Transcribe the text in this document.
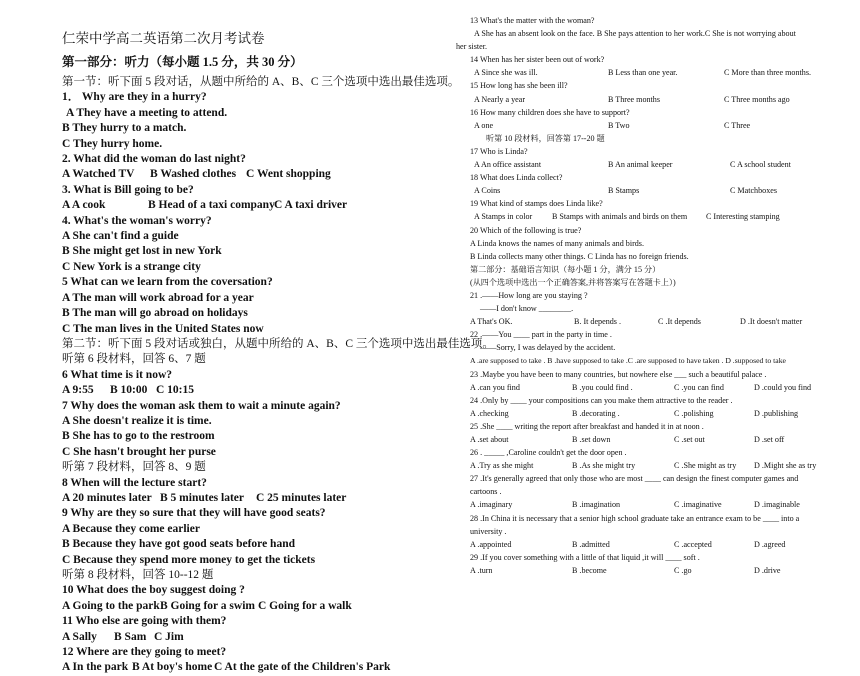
仁荣中学高二英语第二次月考试卷
第一部分：听力（每小题 1.5 分，共 30 分）
第一节：听下面 5 段对话，从题中所给的 A、B、C 三个选项中选出最佳选项。
1． Why are they in a hurry?
A They have a meeting to attend.
B They hurry to a match.
C They hurry home.
2. What did the woman do last night?
A Watched TV	B Washed clothes C Went shopping
3. What is Bill going to be?
A A cook	B Head of a taxi company C A taxi driver
4. What's the woman's worry?
A She can't find a guide
B She might get lost in new York
C New York is a strange city
5 What can we learn from the coversation?
A The man will work abroad for a year
B The man will go abroad on holidays
C The man lives in the United States now
第二节：听下面 5 段对话或独白，从题中所给的 A、B、C 三个选项中选出最佳选项。
听第 6 段材料，回答 6、7 题
6 What time is it now?
A 9:55	B 10:00 C 10:15
7 Why does the woman ask them to wait a minute again?
A She doesn't realize it is time.
B She has to go to the restroom
C She hasn't brought her purse
听第 7 段材料，回答 8、9 题
8 When will the lecture start?
A 20 minutes later B 5 minutes later	C 25 minutes later
9 Why are they so sure that they will have good seats?
A Because they come earlier
B Because they have got good seats before hand
C Because they spend more money to get the tickets
听第 8 段材料，回答 10--12 题
10 What does the boy suggest doing ?
A Going to the park B Going for a swim C Going for a walk
11 Who else are going with them?
A Sally	B Sam C Jim
12 Where are they going to meet?
A In the park B At boy's home C At the gate of the Children's Park
13 What's the matter with the woman?
A She has an absent look on the face. B She pays attention to her work.C She is not worrying about
her sister.
14 When has her sister been out of work?
A Since she was ill.	B Less than one year.	C More than three months.
15 How long has she been ill?
A Nearly a year	B Three months	C Three months ago
16 How many children does she have to support?
A one	B Two	C Three
听第 10 段材料，回答第 17--20 题
17 Who is Linda?
A An office assistant	B An animal keeper	C A school student
18 What does Linda collect?
A Coins	B Stamps	C Matchboxes
19 What kind of stamps does Linda like?
A Stamps in color	B Stamps with animals and birds on them	C Interesting stamping
20 Which of the following is true?
A Linda knows the names of many animals and birds.
B Linda collects many other things. C Linda has no foreign friends.
第二部分：基础语言知识（每小题 1 分，满分 15 分）
(从四个选项中选出一个正确答案,并将答案写在答题卡上）)
21 .——How long are you staying ?
——I don't know ________.
A That's OK.	B. It depends .	C .It depends	D .It doesn't matter
22 .——You ____ part in the party in time .
——Sorry, I was delayed by the accident.
A .are supposed to take . B .have supposed to take .C .are supposed to have taken . D .supposed to take
23 .Maybe you have been to many countries, but nowhere else ___ such a beautiful palace .
A .can you find	B .you could find .	C .you can find	D .could you find
24 .Only by ____ your compositions can you make them attractive to the reader .
A .checking	B .decorating .	C .polishing	D .publishing
25 .She ____ writing the report after breakfast and handed it in at noon .
A .set about	B .set down	C .set out	D .set off
26 . _____ ,Caroline couldn't get the door open .
A .Try as she might	B .As she might try	C .She might as try	D .Might she as try
27 .It's generally agreed that only those who are most ____ can design the finest computer games and
cartoons .
A .imaginary	B .imagination	C .imaginative	D .imaginable
28 .In China it is necessary that a senior high school graduate take an entrance exam to be ____ into a
university .
A .appointed	B .admitted	C .accepted	D .agreed
29 .If you cover something with a little of that liquid ,it will ____ soft .
A .turn	B .become	C .go	D .drive
